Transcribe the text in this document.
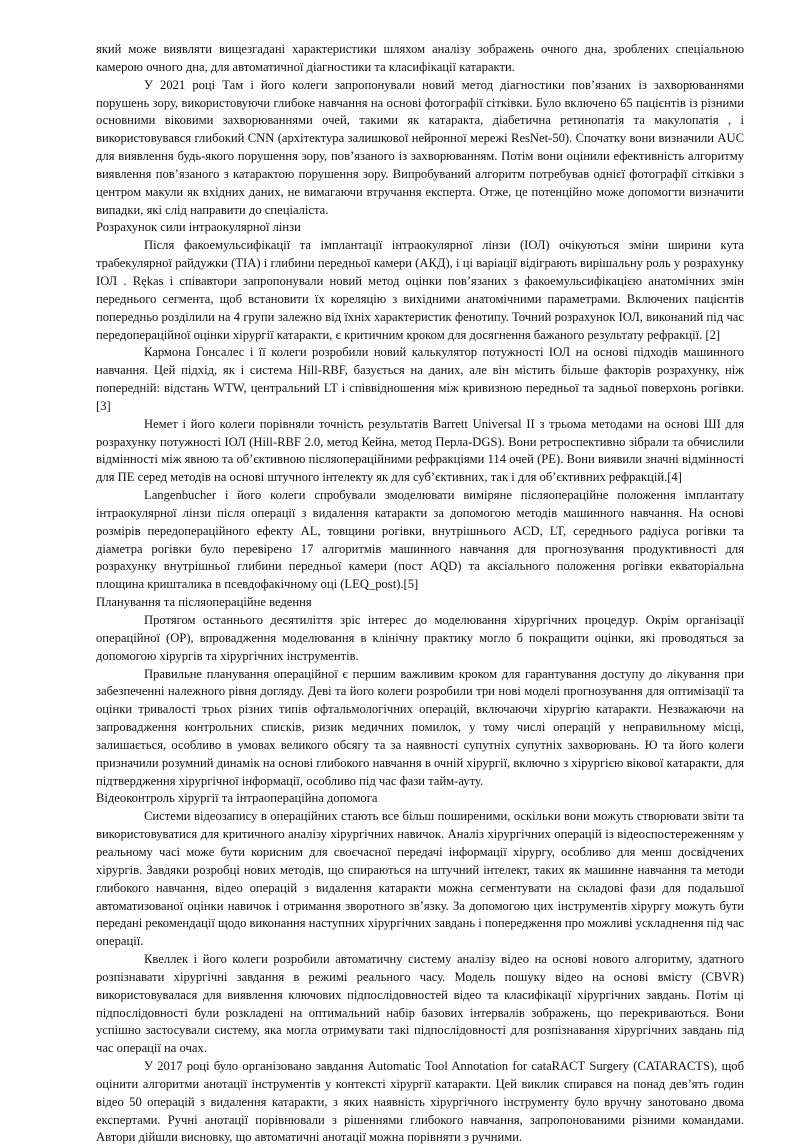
який може виявляти вищезгадані характеристики шляхом аналізу зображень очного дна, зроблених спеціальною камерою очного дна, для автоматичної діагностики та класифікації катаракти.

У 2021 році Там і його колеги запропонували новий метод діагностики пов’язаних із захворюваннями порушень зору, використовуючи глибоке навчання на основі фотографії сітківки. Було включено 65 пацієнтів із різними основними віковими захворюваннями очей, такими як катаракта, діабетична ретинопатія та макулопатія , і використовувався глибокий CNN (архітектура залишкової нейронної мережі ResNet-50). Спочатку вони визначили AUC для виявлення будь-якого порушення зору, пов’язаного із захворюванням. Потім вони оцінили ефективність алгоритму виявлення пов’язаного з катарактою порушення зору. Випробуваний алгоритм потребував однієї фотографії сітківки з центром макули як вхідних даних, не вимагаючи втручання експерта. Отже, це потенційно може допомогти визначити випадки, які слід направити до спеціаліста.

Розрахунок сили інтраокулярної лінзи

Після факоемульсифікації та імплантації інтраокулярної лінзи (ІОЛ) очікуються зміни ширини кута трабекулярної райдужки (TIA) і глибини передньої камери (АКД), і ці варіації відіграють вирішальну роль у розрахунку ІОЛ . Rękas і співавтори запропонували новий метод оцінки пов’язаних з факоемульсифікацією анатомічних змін переднього сегмента, щоб встановити їх кореляцію з вихідними анатомічними параметрами. Включених пацієнтів попередньо розділили на 4 групи залежно від їхніх характеристик фенотипу. Точний розрахунок ІОЛ, виконаний під час передопераційної оцінки хірургії катаракти, є критичним кроком для досягнення бажаного результату рефракції. [2]

Кармона Гонсалес і її колеги розробили новий калькулятор потужності ІОЛ на основі підходів машинного навчання. Цей підхід, як і система Hill-RBF, базується на даних, але він містить більше факторів розрахунку, ніж попередній: відстань WTW, центральний LT і співвідношення між кривизною передньої та задньої поверхонь рогівки.[3]

Немет і його колеги порівняли точність результатів Barrett Universal II з трьома методами на основі ШІ для розрахунку потужності ІОЛ (Hill-RBF 2.0, метод Кейна, метод Перла-DGS). Вони ретроспективно зібрали та обчислили відмінності між явною та об’єктивною післяопераційними рефракціями 114 очей (PE). Вони виявили значні відмінності для ПЕ серед методів на основі штучного інтелекту як для суб’єктивних, так і для об’єктивних рефракцій.[4]

Langenbucher і його колеги спробували змоделювати виміряне післяопераційне положення імплантату інтраокулярної лінзи після операції з видалення катаракти за допомогою методів машинного навчання. На основі розмірів передопераційного ефекту AL, товщини рогівки, внутрішнього ACD, LT, середнього радіуса рогівки та діаметра рогівки було перевірено 17 алгоритмів машинного навчання для прогнозування продуктивності для розрахунку внутрішньої глибини передньої камери (пост AQD) та аксіального положення рогівки екваторіальна площина кришталика в псевдофакічному оці (LEQ_post).[5]

Планування та післяопераційне ведення

Протягом останнього десятиліття зріс інтерес до моделювання хірургічних процедур. Окрім організації операційної (OP), впровадження моделювання в клінічну практику могло б покращити оцінки, які проводяться за допомогою хірургів та хірургічних інструментів.

Правильне планування операційної є першим важливим кроком для гарантування доступу до лікування при забезпеченні належного рівня догляду. Деві та його колеги розробили три нові моделі прогнозування для оптимізації та оцінки тривалості трьох різних типів офтальмологічних операцій, включаючи хірургію катаракти. Незважаючи на запровадження контрольних списків, ризик медичних помилок, у тому числі операцій у неправильному місці, залишається, особливо в умовах великого обсягу та за наявності супутніх супутніх захворювань. Ю та його колеги призначили розумний динамік на основі глибокого навчання в очній хірургії, включно з хірургією вікової катаракти, для підтвердження хірургічної інформації, особливо під час фази тайм-ауту.

Відеоконтроль хірургії та інтраопераційна допомога

Системи відеозапису в операційних стають все більш поширеними, оскільки вони можуть створювати звіти та використовуватися для критичного аналізу хірургічних навичок. Аналіз хірургічних операцій із відеоспостереженням у реальному часі може бути корисним для своєчасної передачі інформації хірургу, особливо для менш досвідчених хірургів. Завдяки розробці нових методів, що спираються на штучний інтелект, таких як машинне навчання та методи глибокого навчання, відео операцій з видалення катаракти можна сегментувати на складові фази для подальшої автоматизованої оцінки навичок і отримання зворотного зв’язку. За допомогою цих інструментів хірургу можуть бути передані рекомендації щодо виконання наступних хірургічних завдань і попередження про можливі ускладнення під час операції.

Квеллек і його колеги розробили автоматичну систему аналізу відео на основі нового алгоритму, здатного розпізнавати хірургічні завдання в режимі реального часу. Модель пошуку відео на основі вмісту (CBVR) використовувалася для виявлення ключових підпослідовностей відео та класифікації хірургічних завдань. Потім ці підпослідовності були розкладені на оптимальний набір базових інтервалів зображень, що перекриваються. Вони успішно застосували систему, яка могла отримувати такі підпослідовності для розпізнавання хірургічних завдань під час операції на очах.

У 2017 році було організовано завдання Automatic Tool Annotation for cataRACT Surgery (CATARACTS), щоб оцінити алгоритми анотації інструментів у контексті хірургії катаракти. Цей виклик спирався на понад дев’ять годин відео 50 операцій з видалення катаракти, з яких наявність хірургічного інструменту було вручну занотовано двома експертами. Ручні анотації порівнювали з рішеннями глибокого навчання, запропонованими різними командами. Автори дійшли висновку, що автоматичні анотації можна порівняти з ручними.
